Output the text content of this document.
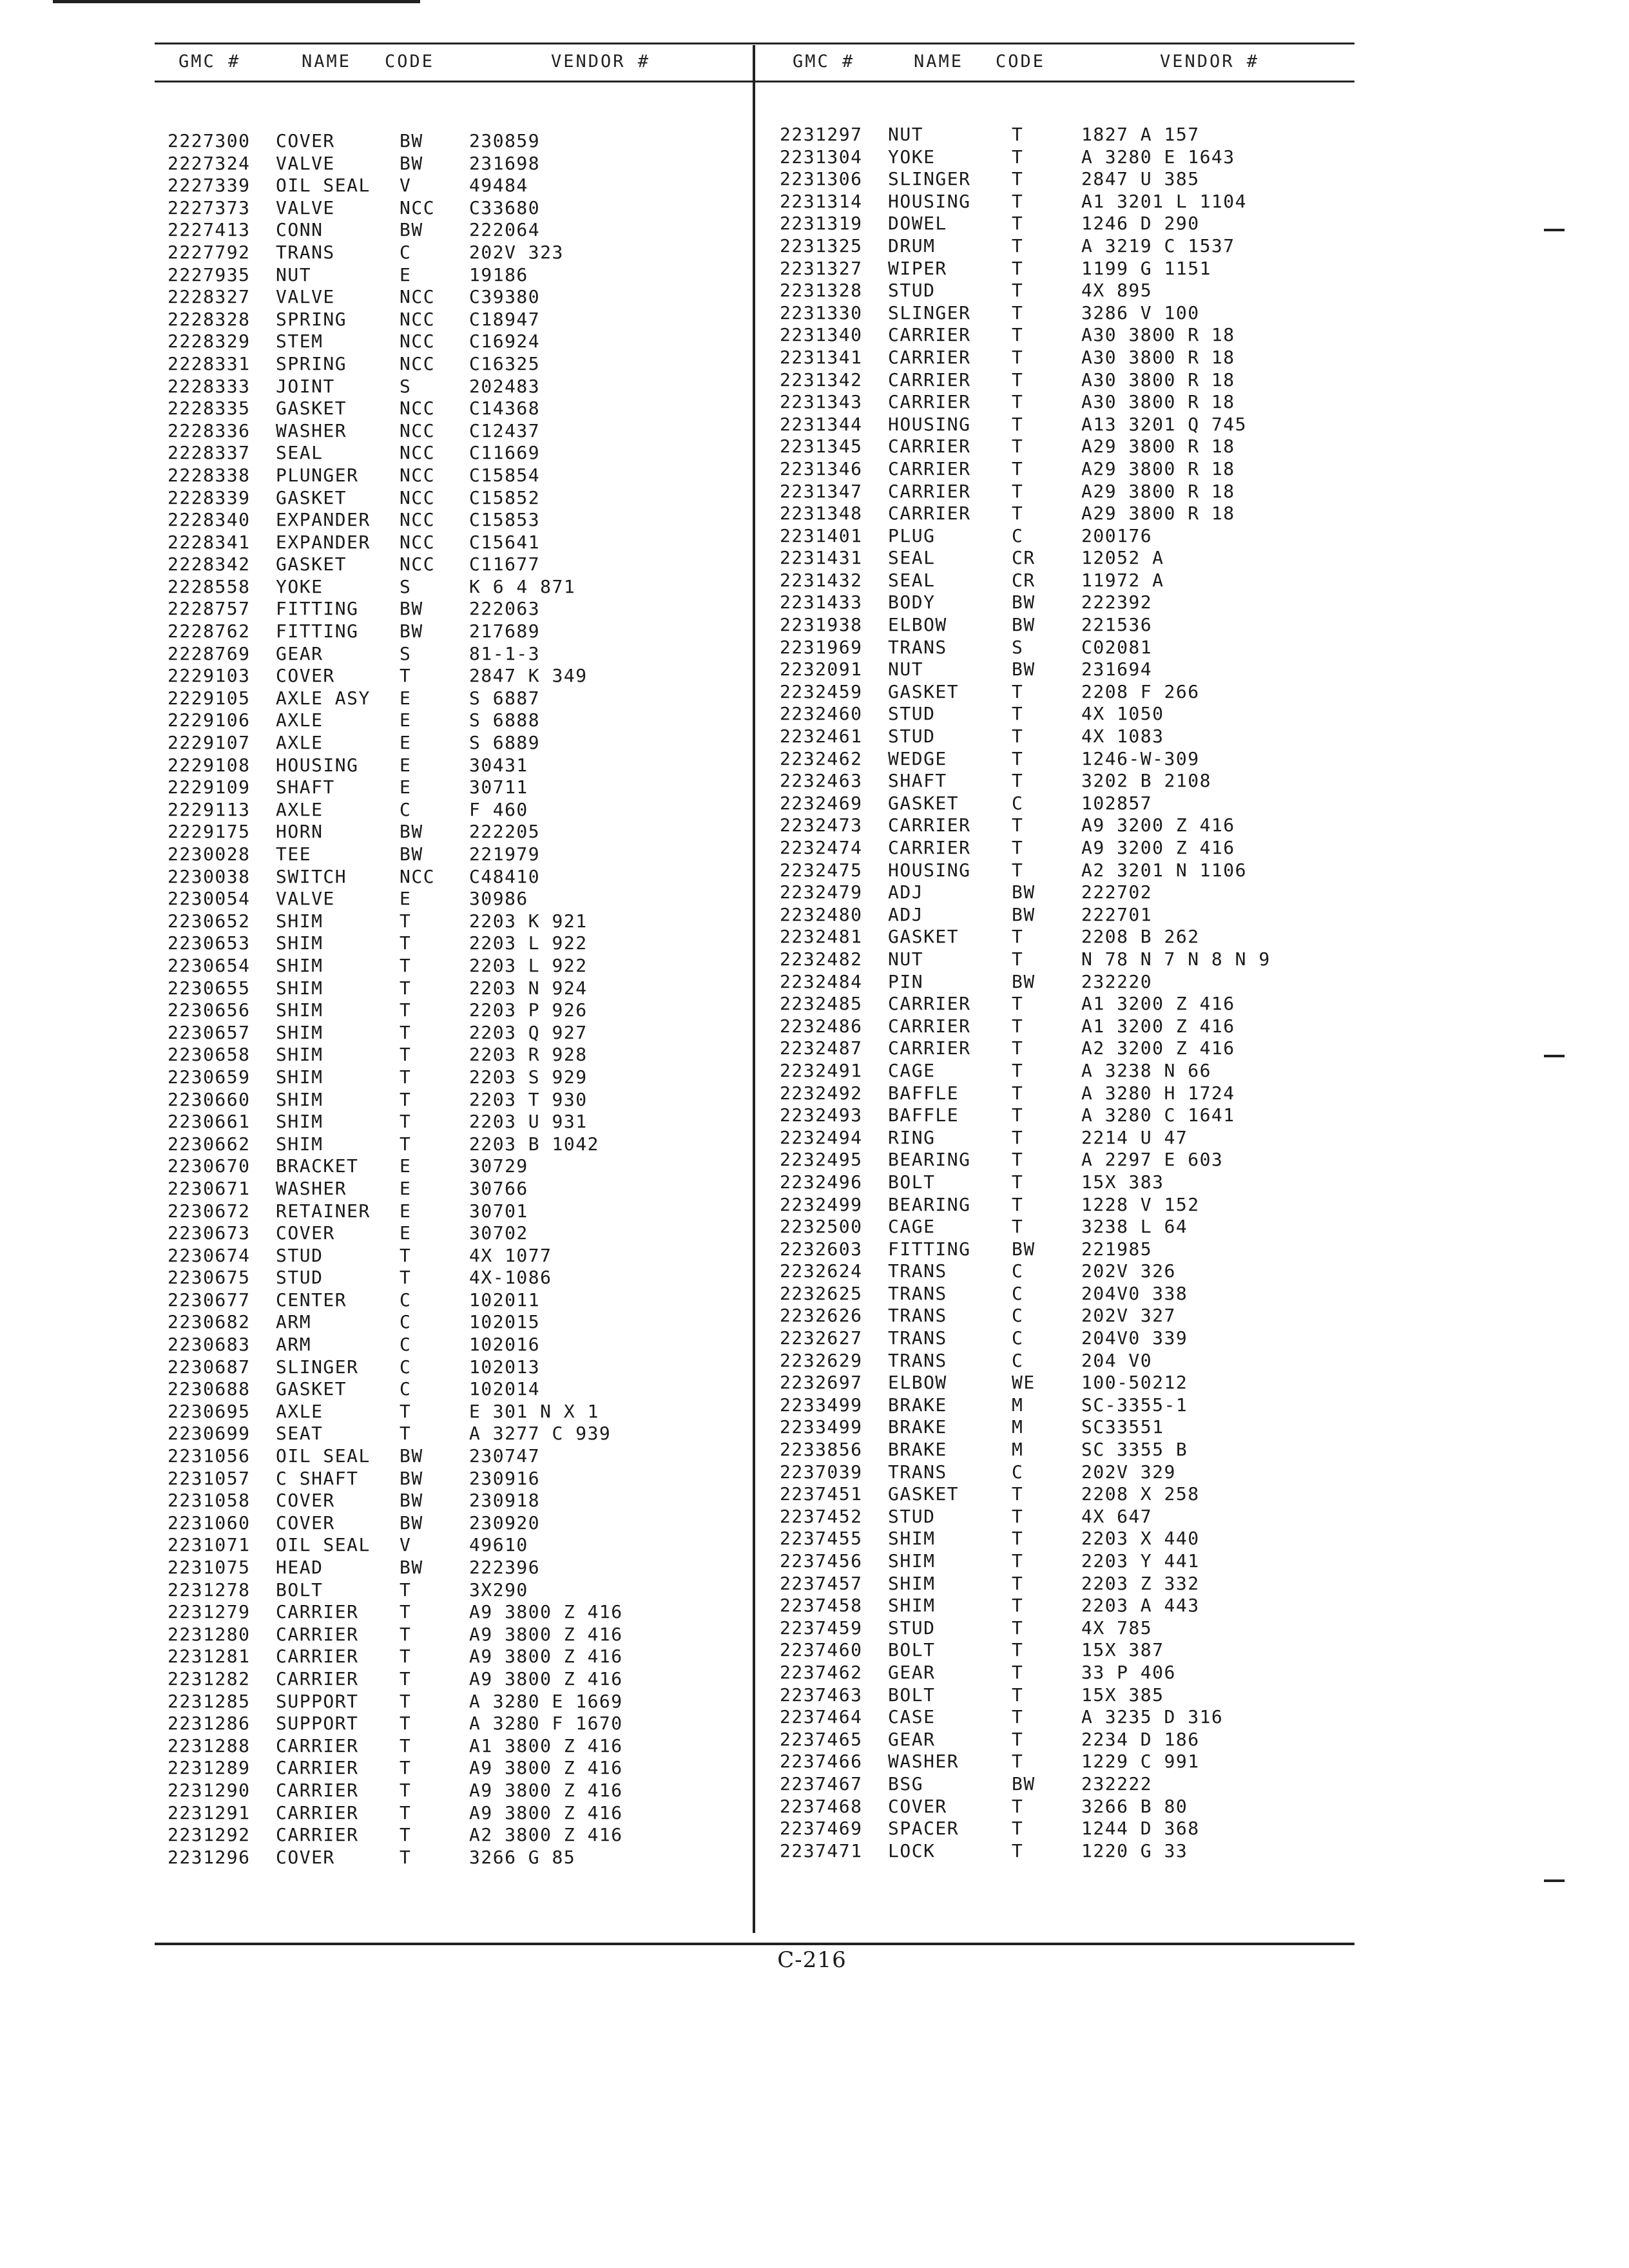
GMC #	NAME CODE	VENDOR #	GMC #	NAME CODE	VENDOR #
2227300 COVER	BW	230859
2227324 VALVE	BW	231698
2227339 OIL SEAL V	49484
2227373 VALVE	NCC C33680
2227413 CONN	BW	222064
2227792 TRANS	C	202V 323
2227935 NUT	E	19186
2228327 VALVE	NCC C39380
2228328 SPRING	NCC C18947
2228329 STEM	NCC C16924
2228331 SPRING	NCC C16325
2228333 JOINT	S	202483
2228335 GASKET	NCC C14368
2228336 WASHER	NCC C12437
2228337 SEAL	NCC C11669
2228338 PLUNGER NCC C15854
2228339 GASKET	NCC C15852
2228340 EXPANDER NCC C15853
2228341 EXPANDER NCC C15641
2228342 GASKET	NCC C11677
2228558 YOKE	S	K 6 4 871
2228757 FITTING BW	222063
2228762 FITTING BW	217689
2228769 GEAR	S	81-1-3
2229103 COVER	T	2847 K 349
2229105 AXLE ASY E	S 6887
2229106 AXLE	E	S 6888
2229107 AXLE	E	S 6889
2229108 HOUSING E	30431
2229109 SHAFT	E	30711
2229113 AXLE	C	F 460
2229175 HORN	BW	222205
2230028 TEE	BW	221979
2230038 SWITCH	NCC C48410
2230054 VALVE	E	30986
2230652 SHIM	T	2203 K 921
2230653 SHIM	T	2203 L 922
2230654 SHIM	T	2203 L 922
2230655 SHIM	T	2203 N 924
2230656 SHIM	T	2203 P 926
2230657 SHIM	T	2203 Q 927
2230658 SHIM	T	2203 R 928
2230659 SHIM	T	2203 S 929
2230660 SHIM	T	2203 T 930
2230661 SHIM	T	2203 U 931
2230662 SHIM	T	2203 B 1042
2230670 BRACKET E	30729
2230671 WASHER	E	30766
2230672 RETAINER E	30701
2230673 COVER	E	30702
2230674 STUD	T	4X 1077
2230675 STUD	T	4X-1086
2230677 CENTER	C	102011
2230682 ARM	C	102015
2230683 ARM	C	102016
2230687 SLINGER C	102013
2230688 GASKET	C	102014
2230695 AXLE	T	E 301 N X 1
2230699 SEAT	T	A 3277 C 939
2231056 OIL SEAL BW	230747
2231057 C SHAFT BW	230916
2231058 COVER	BW	230918
2231060 COVER	BW	230920
2231071 OIL SEAL V	49610
2231075 HEAD	BW	222396
2231278 BOLT	T	3X290
2231279 CARRIER T	A9 3800 Z 416
2231280 CARRIER T	A9 3800 Z 416
2231281 CARRIER T	A9 3800 Z 416
2231282 CARRIER T	A9 3800 Z 416
2231285 SUPPORT T	A 3280 E 1669
2231286 SUPPORT T	A 3280 F 1670
2231288 CARRIER T	A1 3800 Z 416
2231289 CARRIER T	A9 3800 Z 416
2231290 CARRIER T	A9 3800 Z 416
2231291 CARRIER T	A9 3800 Z 416
2231292 CARRIER T	A2 3800 Z 416
2231296 COVER	T	3266 G 85
2231297 NUT	T	1827 A 157
2231304 YOKE	T	A 3280 E 1643
2231306 SLINGER T	2847 U 385
2231314 HOUSING T	A1 3201 L 1104
2231319 DOWEL	T	1246 D 290
2231325 DRUM	T	A 3219 C 1537
2231327 WIPER	T	1199 G 1151
2231328 STUD	T	4X 895
2231330 SLINGER T	3286 V 100
2231340 CARRIER T	A30 3800 R 18
2231341 CARRIER T	A30 3800 R 18
2231342 CARRIER T	A30 3800 R 18
2231343 CARRIER T	A30 3800 R 18
2231344 HOUSING T	A13 3201 Q 745
2231345 CARRIER T	A29 3800 R 18
2231346 CARRIER T	A29 3800 R 18
2231347 CARRIER T	A29 3800 R 18
2231348 CARRIER T	A29 3800 R 18
2231401 PLUG	C	200176
2231431 SEAL	CR	12052 A
2231432 SEAL	CR	11972 A
2231433 BODY	BW	222392
2231938 ELBOW	BW	221536
2231969 TRANS	S	C02081
2232091 NUT	BW	231694
2232459 GASKET	T	2208 F 266
2232460 STUD	T	4X 1050
2232461 STUD	T	4X 1083
2232462 WEDGE	T	1246-W-309
2232463 SHAFT	T	3202 B 2108
2232469 GASKET	C	102857
2232473 CARRIER T	A9 3200 Z 416
2232474 CARRIER T	A9 3200 Z 416
2232475 HOUSING T	A2 3201 N 1106
2232479 ADJ	BW	222702
2232480 ADJ	BW	222701
2232481 GASKET	T	2208 B 262
2232482 NUT	T	N 78 N 7 N 8 N 9
2232484 PIN	BW	232220
2232485 CARRIER T	A1 3200 Z 416
2232486 CARRIER T	A1 3200 Z 416
2232487 CARRIER T	A2 3200 Z 416
2232491 CAGE	T	A 3238 N 66
2232492 BAFFLE	T	A 3280 H 1724
2232493 BAFFLE	T	A 3280 C 1641
2232494 RING	T	2214 U 47
2232495 BEARING T	A 2297 E 603
2232496 BOLT	T	15X 383
2232499 BEARING T	1228 V 152
2232500 CAGE	T	3238 L 64
2232603 FITTING BW	221985
2232624 TRANS	C	202V 326
2232625 TRANS	C	204V0 338
2232626 TRANS	C	202V 327
2232627 TRANS	C	204V0 339
2232629 TRANS	C	204 V0
2232697 ELBOW	WE	100-50212
2233499 BRAKE	M	SC-3355-1
2233499 BRAKE	M	SC33551
2233856 BRAKE	M	SC 3355 B
2237039 TRANS	C	202V 329
2237451 GASKET	T	2208 X 258
2237452 STUD	T	4X 647
2237455 SHIM	T	2203 X 440
2237456 SHIM	T	2203 Y 441
2237457 SHIM	T	2203 Z 332
2237458 SHIM	T	2203 A 443
2237459 STUD	T	4X 785
2237460 BOLT	T	15X 387
2237462 GEAR	T	33 P 406
2237463 BOLT	T	15X 385
2237464 CASE	T	A 3235 D 316
2237465 GEAR	T	2234 D 186
2237466 WASHER	T	1229 C 991
2237467 BSG	BW	232222
2237468 COVER	T	3266 B 80
2237469 SPACER	T	1244 D 368
2237471 LOCK	T	1220 G 33
C-216
